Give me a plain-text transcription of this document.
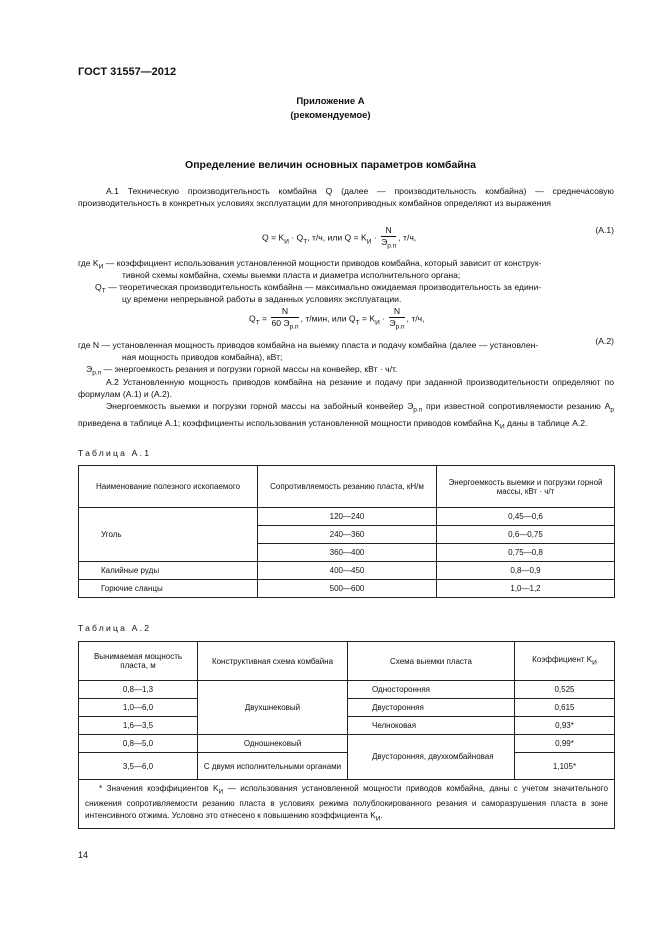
ГОСТ 31557—2012
Приложение А
(рекомендуемое)
Определение величин основных параметров комбайна
А.1 Техническую производительность комбайна Q (далее — производительность комбайна) — среднечасовую производительность в конкретных условиях эксплуатации для многоприводных комбайнов определяют из выражения
$Q = K_И \cdot Q_Т$, т/ч, или $Q = K_И \cdot \frac{N}{Э_{р.п}}$ , т/ч,
(А.1)
где $K_И$ — коэффициент использования установленной мощности приводов комбайна, который зависит от конструк-
тивной схемы комбайна, схемы выемки пласта и диаметра исполнительного органа;
$Q_Т$ — теоретическая производительность комбайна — максимально ожидаемая производительность за едини-
цу времени непрерывной работы в заданных условиях эксплуатации.
$Q_Т = \frac{N}{60 Э_{р.п}}$ , т/мин, или $Q_Т = K_И \cdot \frac{N}{Э_{р.п}}$ , т/ч,
(А.2)
где N — установленная мощность приводов комбайна на выемку пласта и подачу комбайна (далее — установлен-
ная мощность приводов комбайна), кВт;
$Э_{р.п}$ — энергоемкость резания и погрузки горной массы на конвейер, кВт · ч/т.
А.2 Установленную мощность приводов комбайна на резание и подачу при заданной производительности определяют по формулам (А.1) и (А.2).
Энергоемкость выемки и погрузки горной массы на забойный конвейер $Э_{р.п}$ при известной сопротивляемости резанию $A_р$ приведена в таблице А.1; коэффициенты использования установленной мощности приводов комбайна $K_И$ даны в таблице А.2.
Таблица А.1
Наименование полезного ископаемого	Сопротивляемость резанию пласта, кН/м	Энергоемкость выемки и погрузки горной массы, кВт · ч/т
Уголь	120—240	0,45—0,6
	240—360	0,6—0,75
	360—400	0,75—0,8
Калийные руды	400—450	0,8—0,9
Горючие сланцы	500—600	1,0—1,2
Таблица А.2
Вынимаемая мощность пласта, м	Конструктивная схема комбайна	Схема выемки пласта	Коэффициент $K_И$
0,8—1,3	Двухшнековый	Односторонняя	0,525
1,0—6,0		Двусторонняя	0,615
1,6—3,5		Челноковая	0,93*
0,8—5,0	Одношнековый	Двусторонняя, двухкомбайновая	0,99*
3,5—6,0	С двумя исполнительными органами		1,105*
* Значения коэффициентов $K_И$ — использования установленной мощности приводов комбайна, даны с учетом значительного снижения сопротивляемости резанию пласта в условиях режима полублокированного резания и саморазрушения пласта в зоне интенсивного отжима. Условно это отнесено к повышению коэффициента $K_И$.			
14
